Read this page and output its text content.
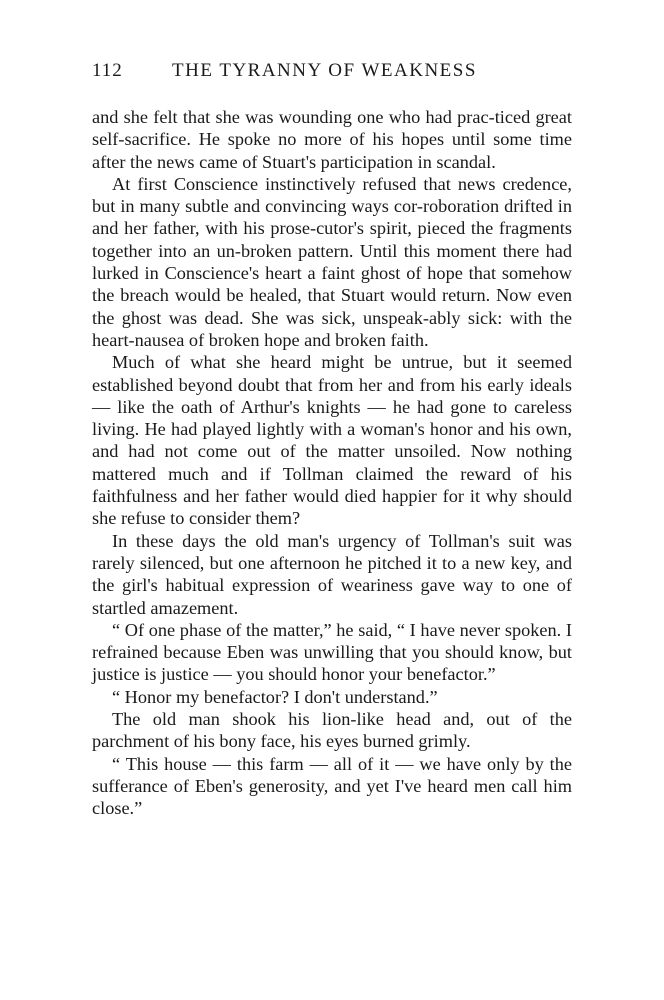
112	THE TYRANNY OF WEAKNESS

and she felt that she was wounding one who had prac-ticed great self-sacrifice. He spoke no more of his hopes until some time after the news came of Stuart's participation in scandal.

At first Conscience instinctively refused that news credence, but in many subtle and convincing ways cor-roboration drifted in and her father, with his prose-cutor's spirit, pieced the fragments together into an un-broken pattern. Until this moment there had lurked in Conscience's heart a faint ghost of hope that somehow the breach would be healed, that Stuart would return. Now even the ghost was dead. She was sick, unspeak-ably sick: with the heart-nausea of broken hope and broken faith.

Much of what she heard might be untrue, but it seemed established beyond doubt that from her and from his early ideals — like the oath of Arthur's knights — he had gone to careless living. He had played lightly with a woman's honor and his own, and had not come out of the matter unsoiled. Now nothing mattered much and if Tollman claimed the reward of his faithfulness and her father would died happier for it why should she refuse to consider them?

In these days the old man's urgency of Tollman's suit was rarely silenced, but one afternoon he pitched it to a new key, and the girl's habitual expression of weariness gave way to one of startled amazement.

“ Of one phase of the matter,” he said, “ I have never spoken. I refrained because Eben was unwilling that you should know, but justice is justice — you should honor your benefactor.”

“ Honor my benefactor? I don't understand.”

The old man shook his lion-like head and, out of the parchment of his bony face, his eyes burned grimly.

“ This house — this farm — all of it — we have only by the sufferance of Eben's generosity, and yet I've heard men call him close.”
